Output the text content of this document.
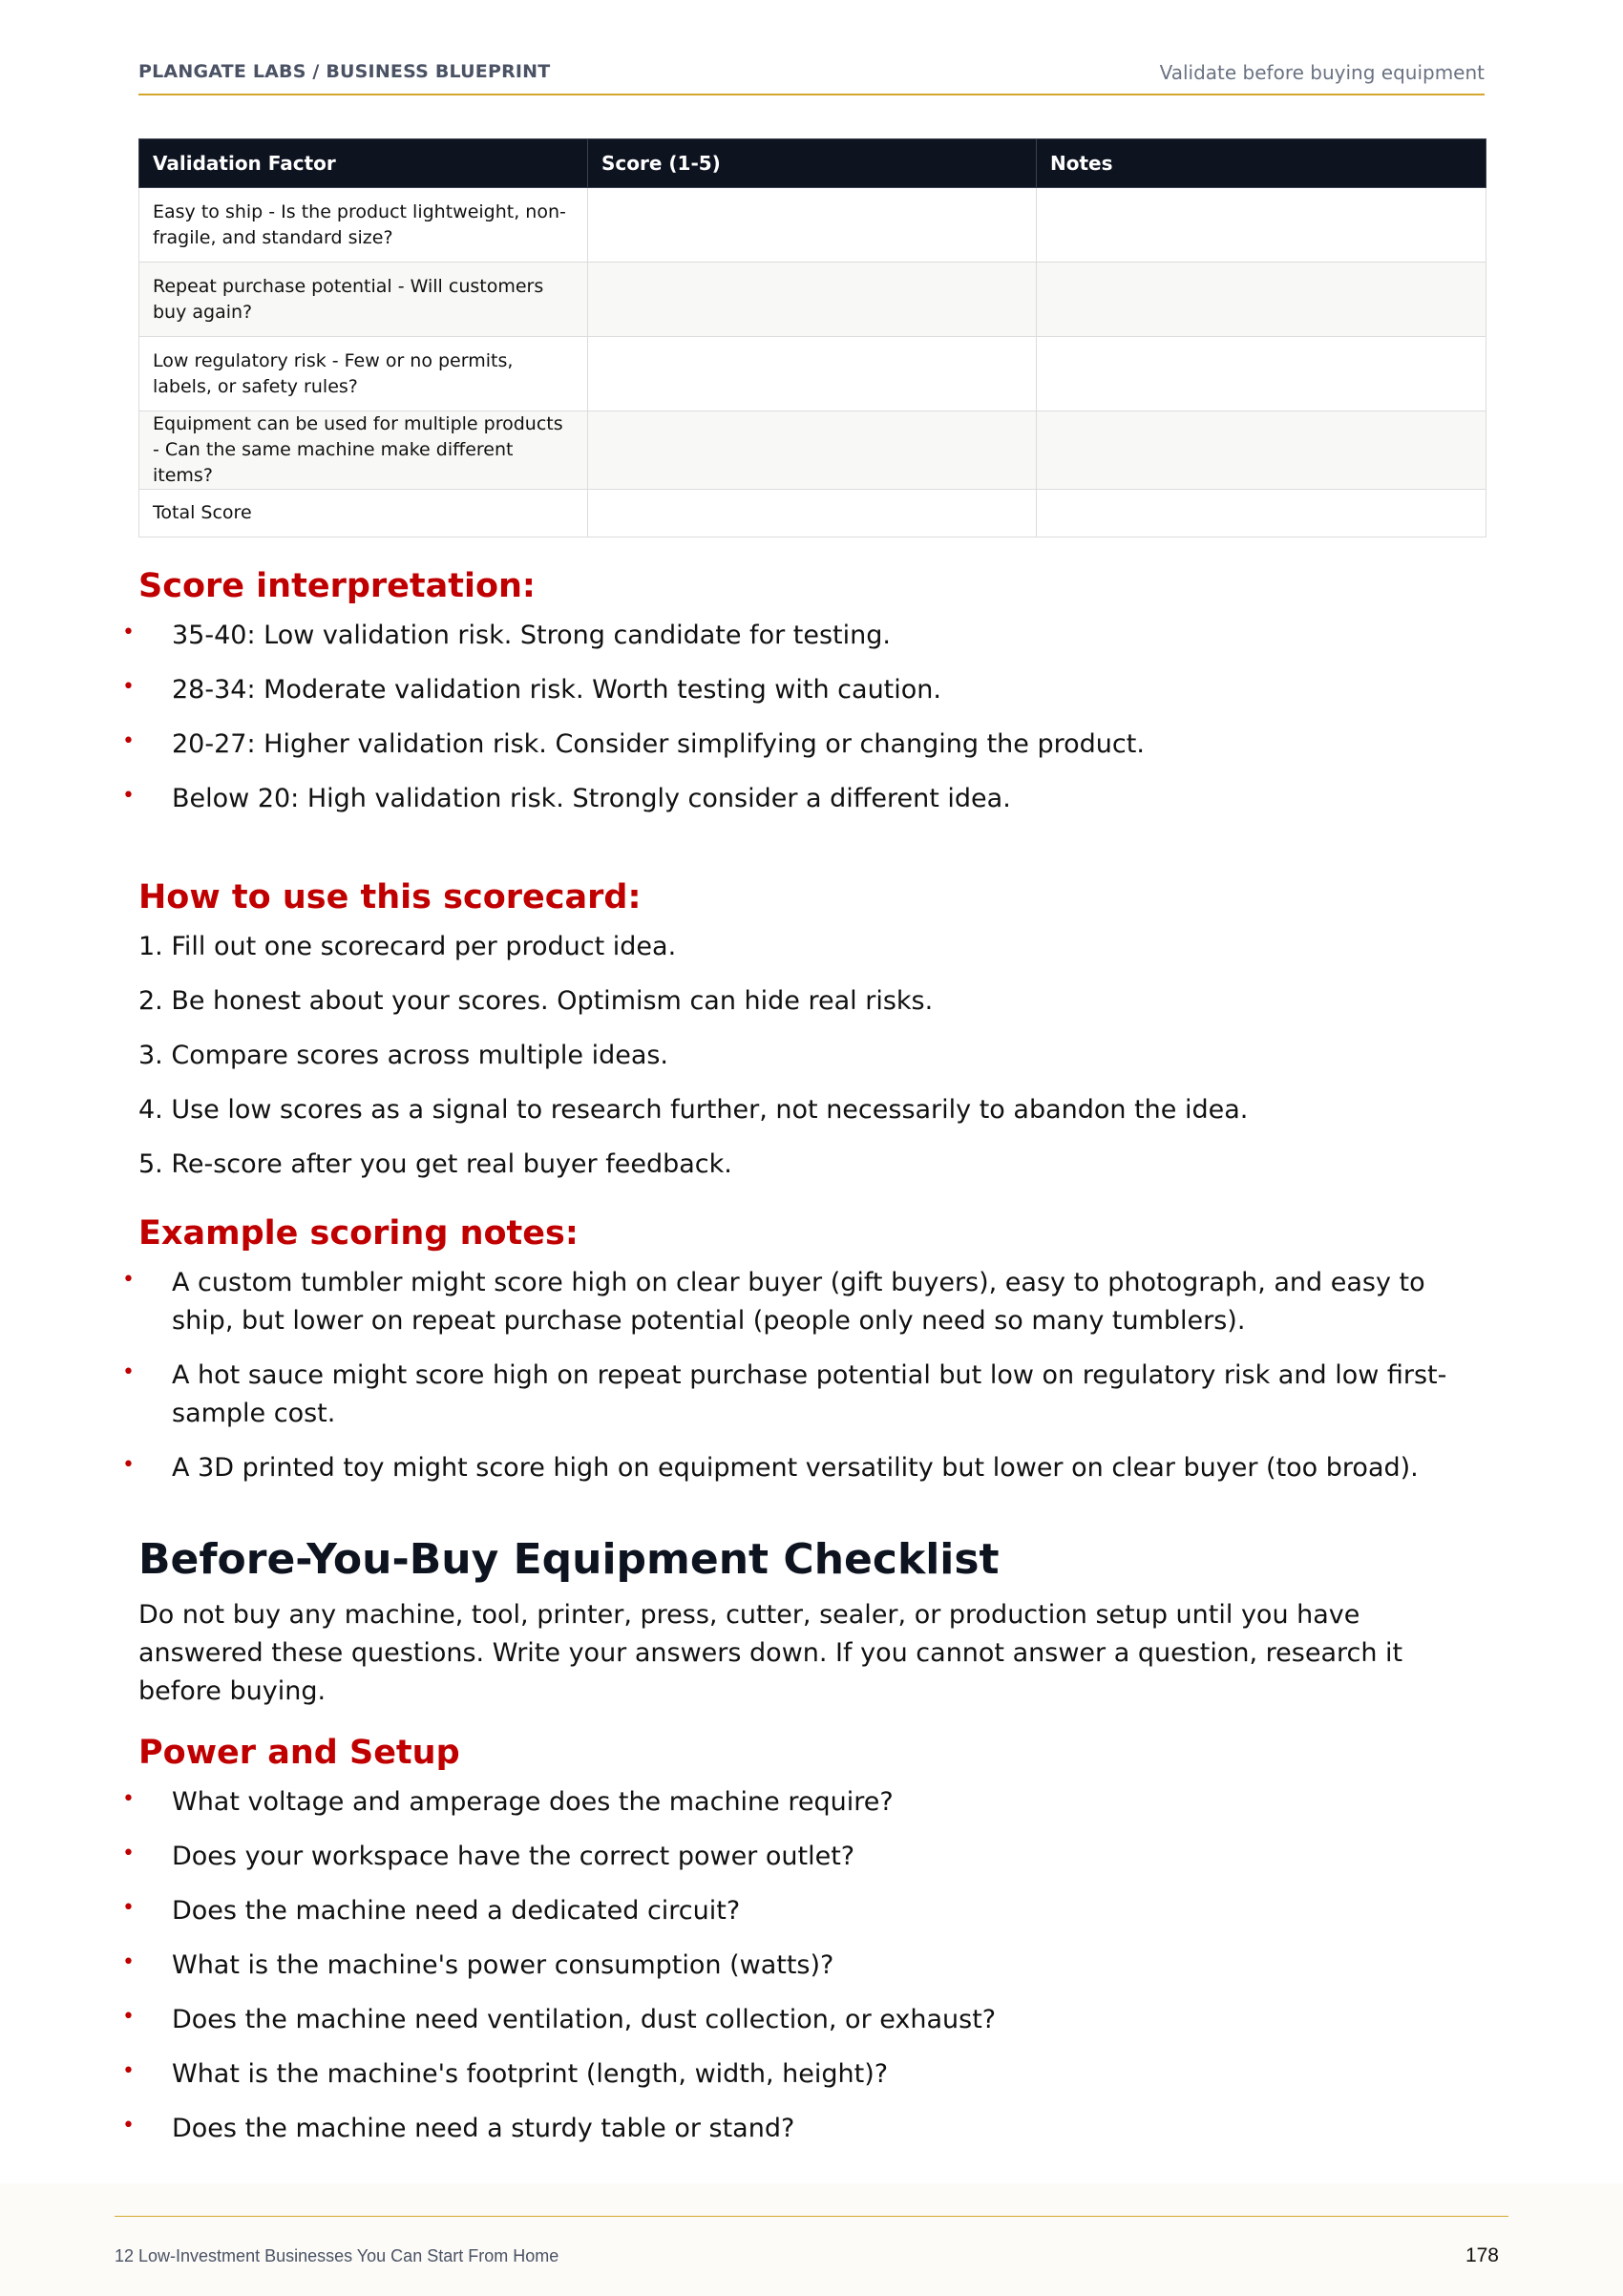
PLANGATE LABS / BUSINESS BLUEPRINT	Validate before buying equipment
Validation Factor	Score (1-5)	Notes
Easy to ship - Is the product lightweight, non-fragile, and standard size?		
Repeat purchase potential - Will customers buy again?		
Low regulatory risk - Few or no permits, labels, or safety rules?		
Equipment can be used for multiple products - Can the same machine make different items?		
Total Score		
Score interpretation:
• 35-40: Low validation risk. Strong candidate for testing.
• 28-34: Moderate validation risk. Worth testing with caution.
• 20-27: Higher validation risk. Consider simplifying or changing the product.
• Below 20: High validation risk. Strongly consider a different idea.
How to use this scorecard:
1. Fill out one scorecard per product idea.
2. Be honest about your scores. Optimism can hide real risks.
3. Compare scores across multiple ideas.
4. Use low scores as a signal to research further, not necessarily to abandon the idea.
5. Re-score after you get real buyer feedback.
Example scoring notes:
• A custom tumbler might score high on clear buyer (gift buyers), easy to photograph, and easy to ship, but lower on repeat purchase potential (people only need so many tumblers).
• A hot sauce might score high on repeat purchase potential but low on regulatory risk and low first-sample cost.
• A 3D printed toy might score high on equipment versatility but lower on clear buyer (too broad).
Before-You-Buy Equipment Checklist

Do not buy any machine, tool, printer, press, cutter, sealer, or production setup until you have answered these questions. Write your answers down. If you cannot answer a question, research it before buying.

Power and Setup
• What voltage and amperage does the machine require?
• Does your workspace have the correct power outlet?
• Does the machine need a dedicated circuit?
• What is the machine's power consumption (watts)?
• Does the machine need ventilation, dust collection, or exhaust?
• What is the machine's footprint (length, width, height)?
• Does the machine need a sturdy table or stand?
12 Low-Investment Businesses You Can Start From Home	178
